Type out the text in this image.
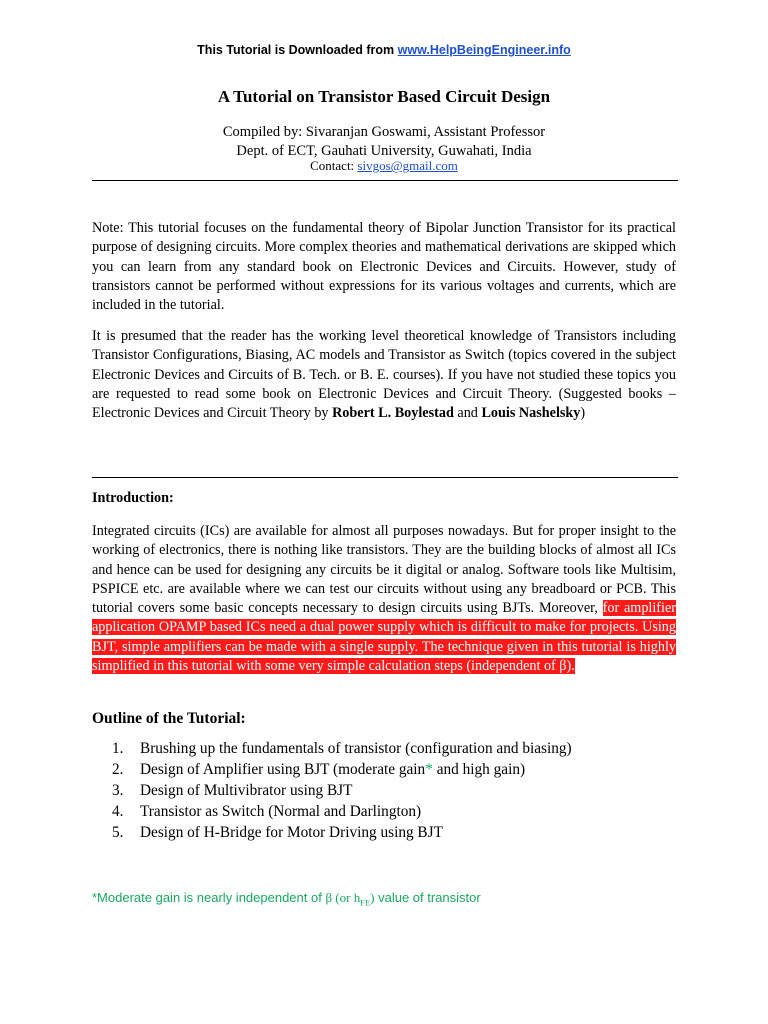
This Tutorial is Downloaded from www.HelpBeingEngineer.info
A Tutorial on Transistor Based Circuit Design
Compiled by: Sivaranjan Goswami, Assistant Professor
Dept. of ECT, Gauhati University, Guwahati, India
Contact: sivgos@gmail.com

Note: This tutorial focuses on the fundamental theory of Bipolar Junction Transistor for its practical purpose of designing circuits. More complex theories and mathematical derivations are skipped which you can learn from any standard book on Electronic Devices and Circuits. However, study of transistors cannot be performed without expressions for its various voltages and currents, which are included in the tutorial.

It is presumed that the reader has the working level theoretical knowledge of Transistors including Transistor Configurations, Biasing, AC models and Transistor as Switch (topics covered in the subject Electronic Devices and Circuits of B. Tech. or B. E. courses). If you have not studied these topics you are requested to read some book on Electronic Devices and Circuit Theory. (Suggested books – Electronic Devices and Circuit Theory by Robert L. Boylestad and Louis Nashelsky)

Introduction:

Integrated circuits (ICs) are available for almost all purposes nowadays. But for proper insight to the working of electronics, there is nothing like transistors. They are the building blocks of almost all ICs and hence can be used for designing any circuits be it digital or analog. Software tools like Multisim, PSPICE etc. are available where we can test our circuits without using any breadboard or PCB. This tutorial covers some basic concepts necessary to design circuits using BJTs. Moreover, for amplifier application OPAMP based ICs need a dual power supply which is difficult to make for projects. Using BJT, simple amplifiers can be made with a single supply. The technique given in this tutorial is highly simplified in this tutorial with some very simple calculation steps (independent of β).

Outline of the Tutorial:

1.	Brushing up the fundamentals of transistor (configuration and biasing)
2.	Design of Amplifier using BJT (moderate gain* and high gain)
3.	Design of Multivibrator using BJT
4.	Transistor as Switch (Normal and Darlington)
5.	Design of H-Bridge for Motor Driving using BJT
*Moderate gain is nearly independent of β (or $h_{FE}$) value of transistor
